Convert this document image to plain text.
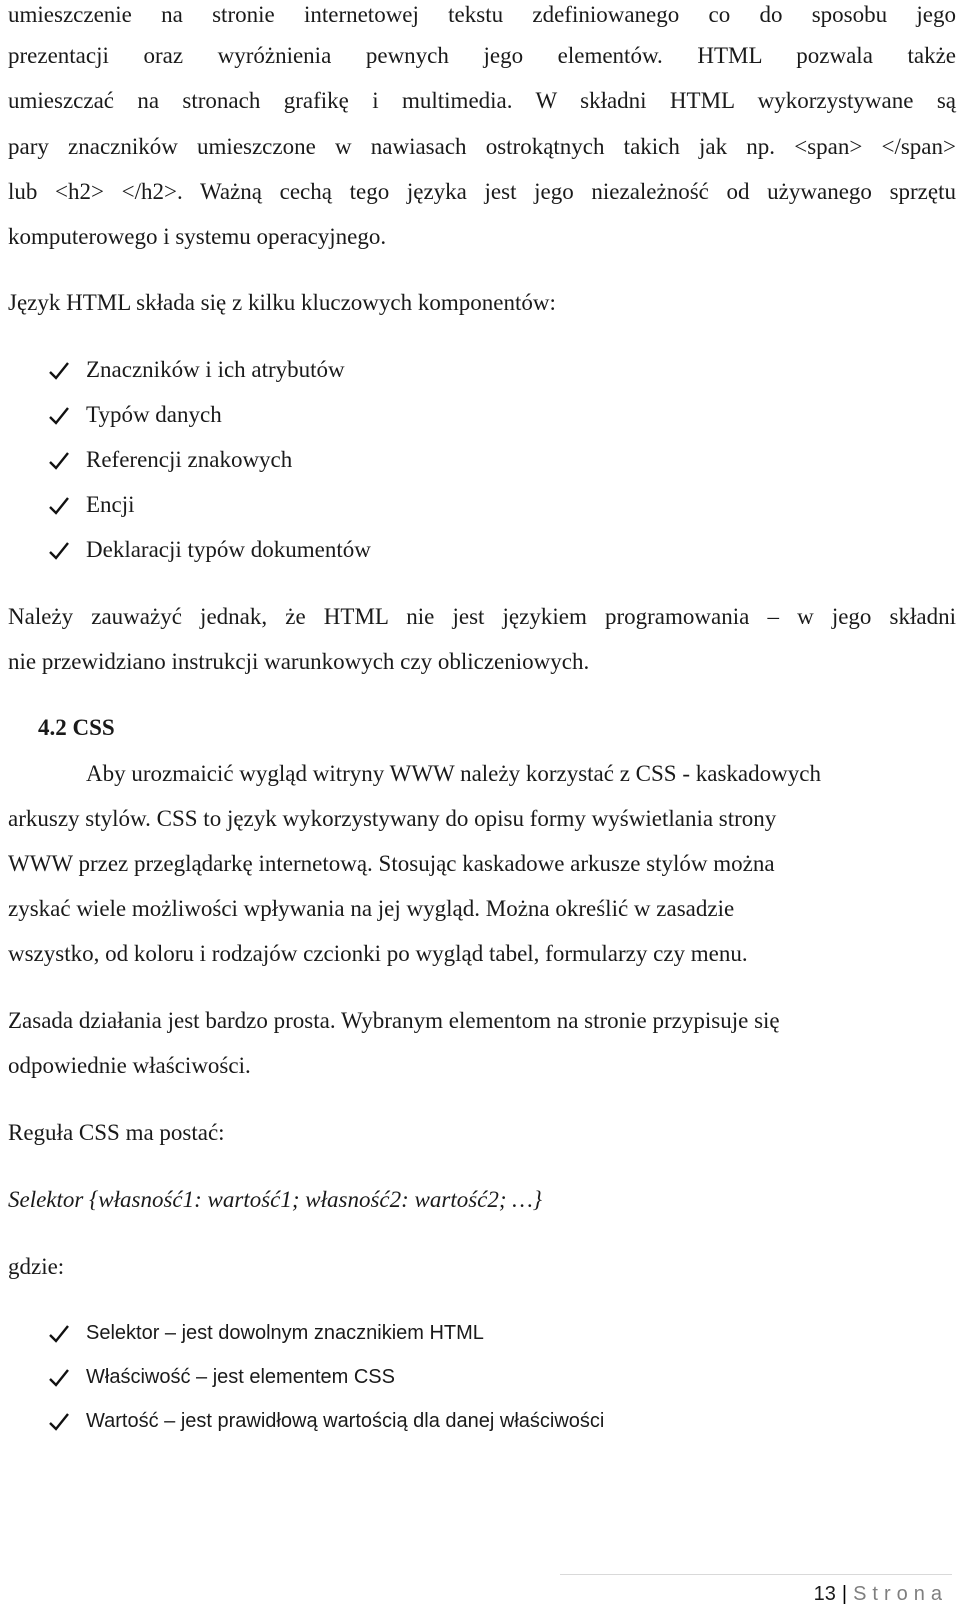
umieszczenie na stronie internetowej tekstu zdefiniowanego co do sposobu jego
prezentacji oraz wyróżnienia pewnych jego elementów. HTML pozwala także
umieszczać na stronach grafikę i multimedia. W składni HTML wykorzystywane są
pary znaczników umieszczone w nawiasach ostrokątnych takich jak np. <span> </span>
lub <h2> </h2>. Ważną cechą tego języka jest jego niezależność od używanego sprzętu
komputerowego i systemu operacyjnego.
Język HTML składa się z kilku kluczowych komponentów:
Znaczników i ich atrybutów
Typów danych
Referencji znakowych
Encji
Deklaracji typów dokumentów
Należy zauważyć jednak, że HTML nie jest językiem programowania – w jego składni
nie przewidziano instrukcji warunkowych czy obliczeniowych.
4.2 CSS
Aby urozmaicić wygląd witryny WWW należy korzystać z CSS - kaskadowych
arkuszy stylów. CSS to język wykorzystywany do opisu formy wyświetlania strony
WWW przez przeglądarkę internetową. Stosując kaskadowe arkusze stylów można
zyskać wiele możliwości wpływania na jej wygląd. Można określić w zasadzie
wszystko, od koloru i rodzajów czcionki po wygląd tabel, formularzy czy menu.
Zasada działania jest bardzo prosta. Wybranym elementom na stronie przypisuje się
odpowiednie właściwości.
Reguła CSS ma postać:
Selektor {własność1: wartość1; własność2: wartość2; …}
gdzie:
Selektor – jest dowolnym znacznikiem HTML
Właściwość – jest elementem CSS
Wartość – jest prawidłową wartością dla danej właściwości
13 | Strona
